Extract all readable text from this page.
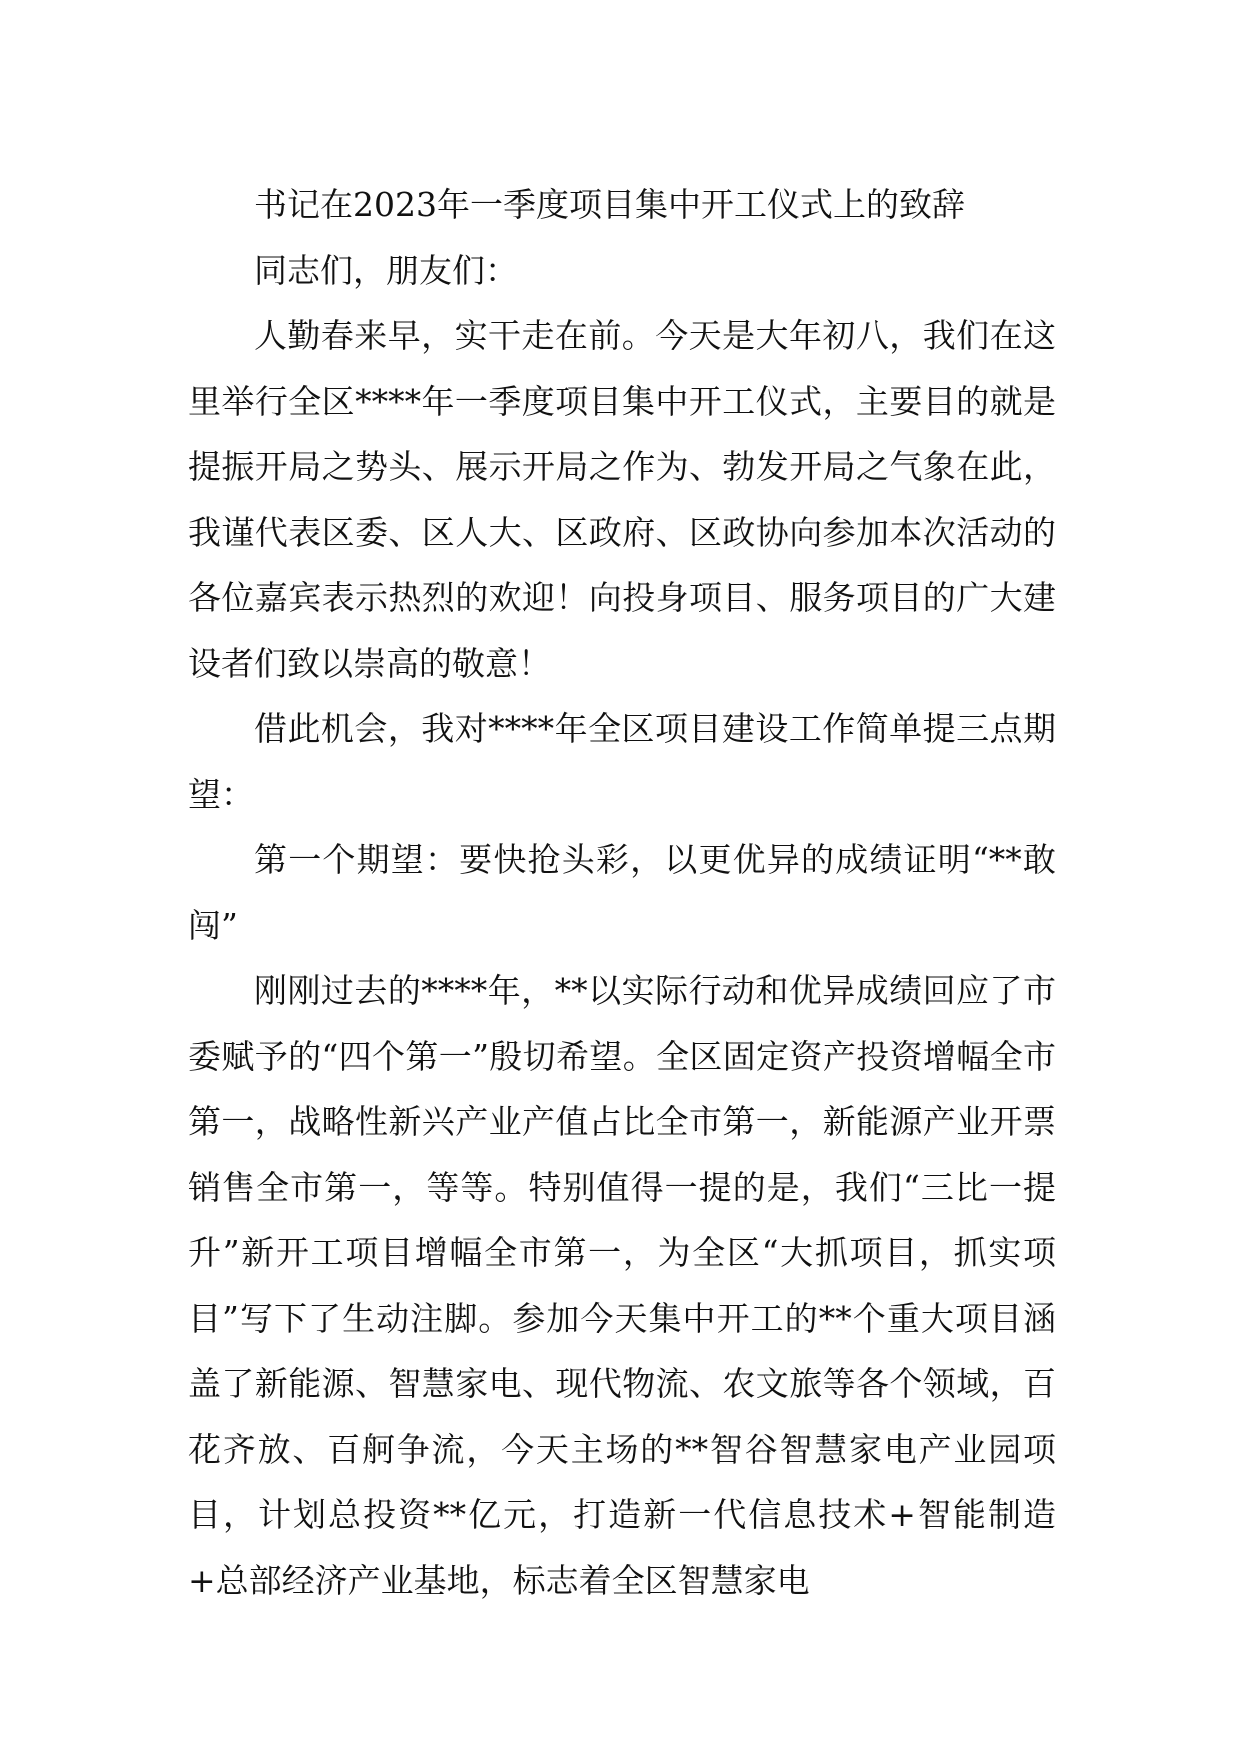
书记在2023年一季度项目集中开工仪式上的致辞

同志们，朋友们：

人勤春来早，实干走在前。今天是大年初八，我们在这里举行全区****年一季度项目集中开工仪式，主要目的就是提振开局之势头、展示开局之作为、勃发开局之气象在此，我谨代表区委、区人大、区政府、区政协向参加本次活动的各位嘉宾表示热烈的欢迎！向投身项目、服务项目的广大建设者们致以崇高的敬意！

借此机会，我对****年全区项目建设工作简单提三点期望：

第一个期望：要快抢头彩，以更优异的成绩证明“**敢闯”

刚刚过去的****年，**以实际行动和优异成绩回应了市委赋予的“四个第一”殷切希望。全区固定资产投资增幅全市第一，战略性新兴产业产值占比全市第一，新能源产业开票销售全市第一，等等。特别值得一提的是，我们“三比一提升”新开工项目增幅全市第一，为全区“大抓项目，抓实项目”写下了生动注脚。参加今天集中开工的**个重大项目涵盖了新能源、智慧家电、现代物流、农文旅等各个领域，百花齐放、百舸争流，今天主场的**智谷智慧家电产业园项目，计划总投资**亿元，打造新一代信息技术+智能制造+总部经济产业基地，标志着全区智慧家电
